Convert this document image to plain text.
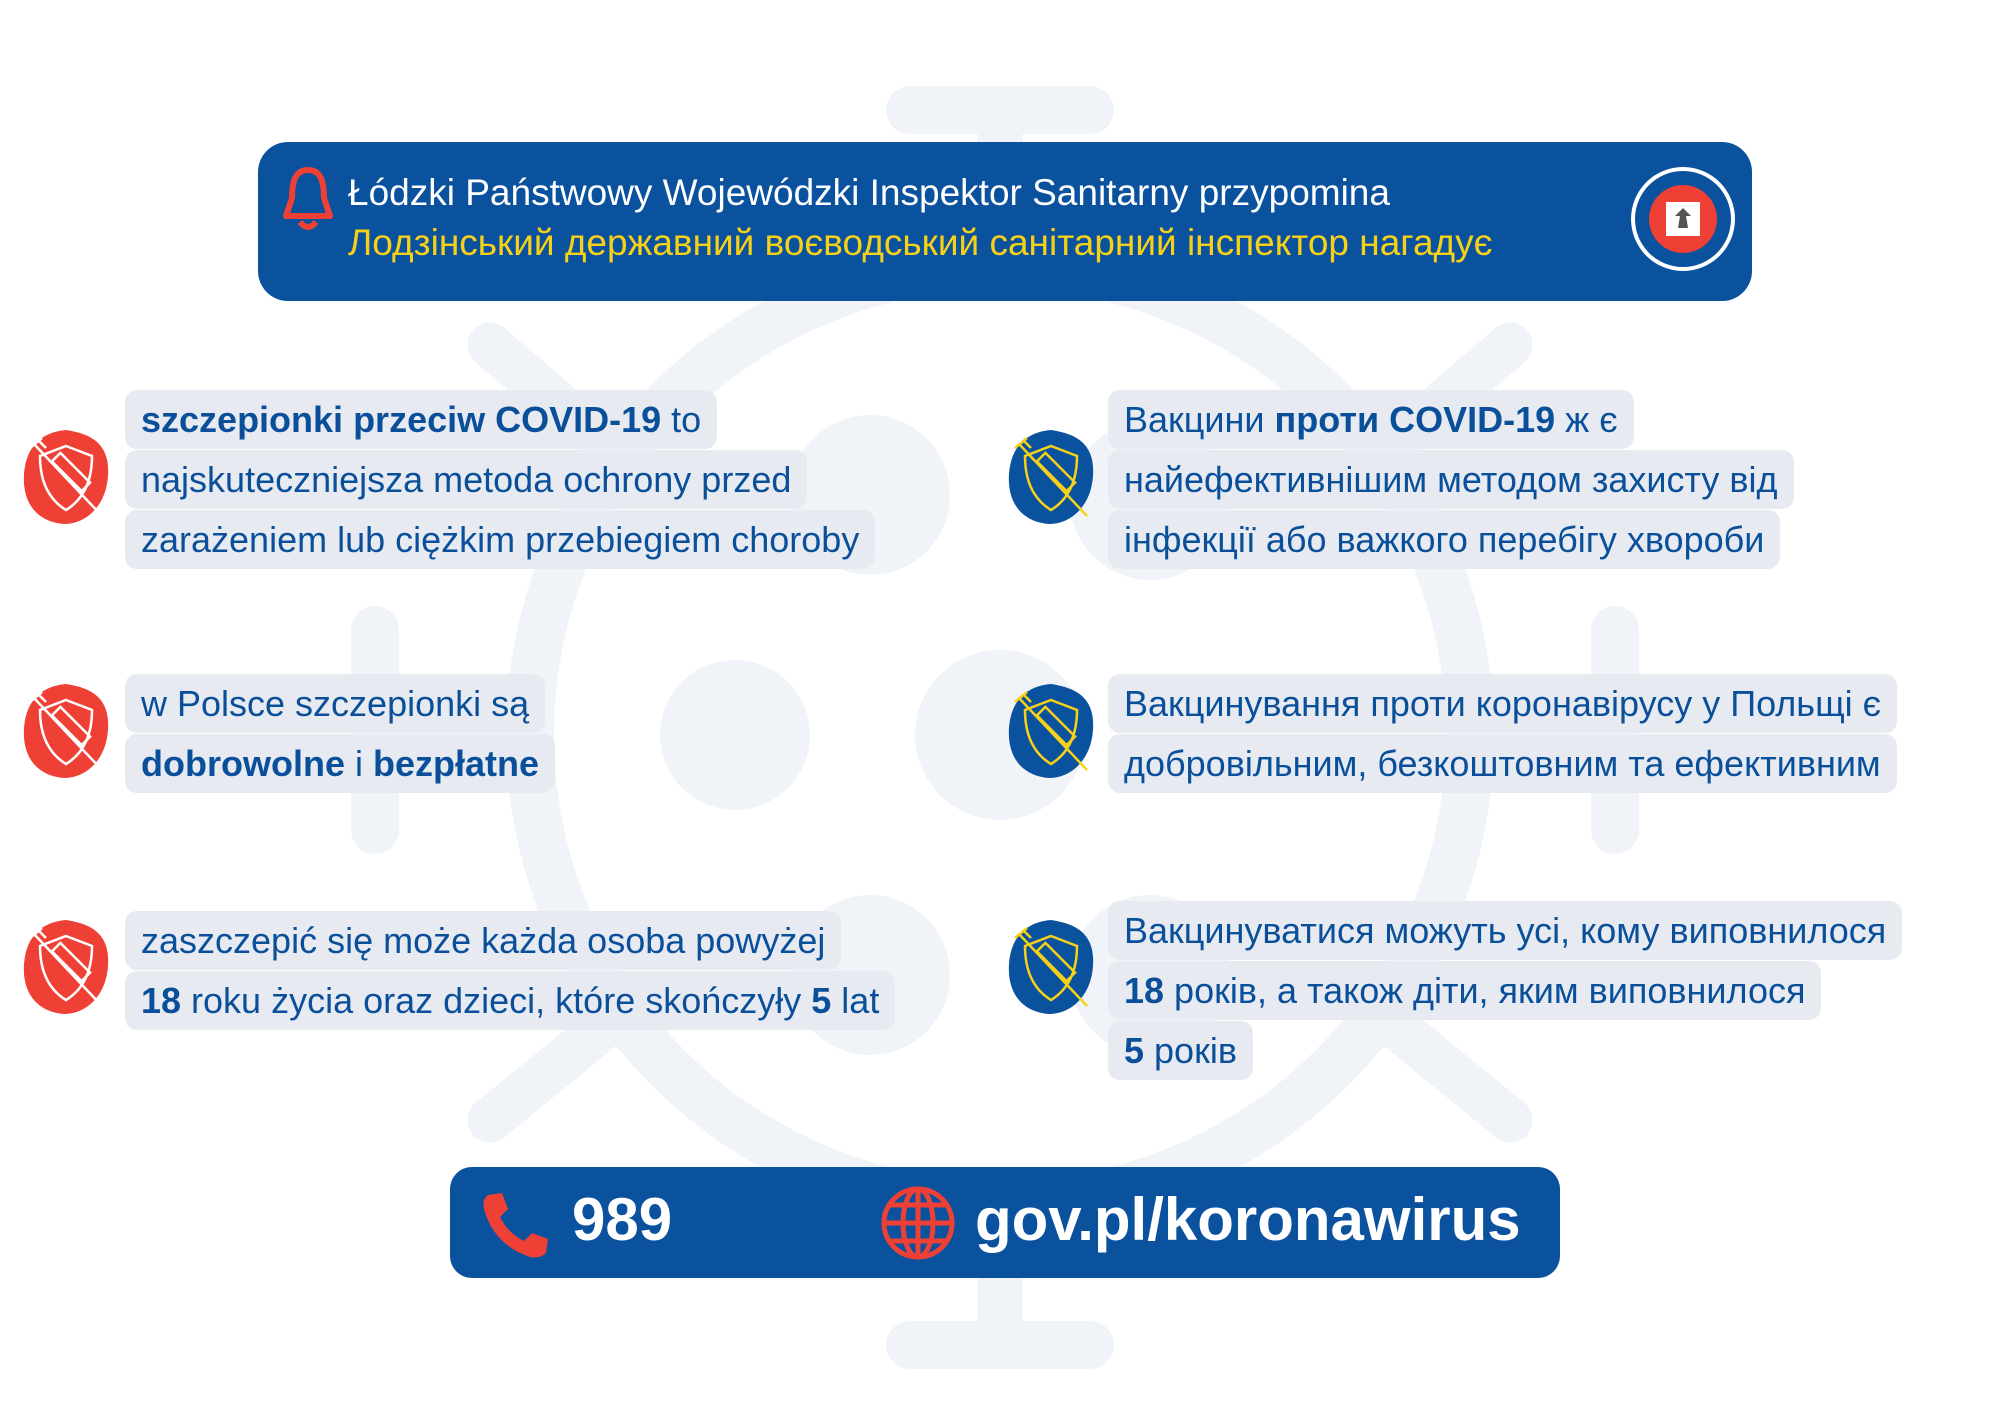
Łódzki Państwowy Wojewódzki Inspektor Sanitarny przypomina
Лодзінський державний воєводський санітарний інспектор нагадує
szczepionki przeciw COVID-19 to
najskuteczniejsza metoda ochrony przed
zarażeniem lub ciężkim przebiegiem choroby

w Polsce szczepionki są
dobrowolne i bezpłatne

zaszczepić się może każda osoba powyżej
18 roku życia oraz dzieci, które skończyły 5 lat

Вакцини проти COVID-19 ж є
найефективнішим методом захисту від
інфекції або важкого перебігу хвороби

Вакцинування проти коронавірусу у Польщі є
добровільним, безкоштовним та ефективним

Вакцинуватися можуть усі, кому виповнилося
18 років, а також діти, яким виповнилося
5 років

989	gov.pl/koronawirus
